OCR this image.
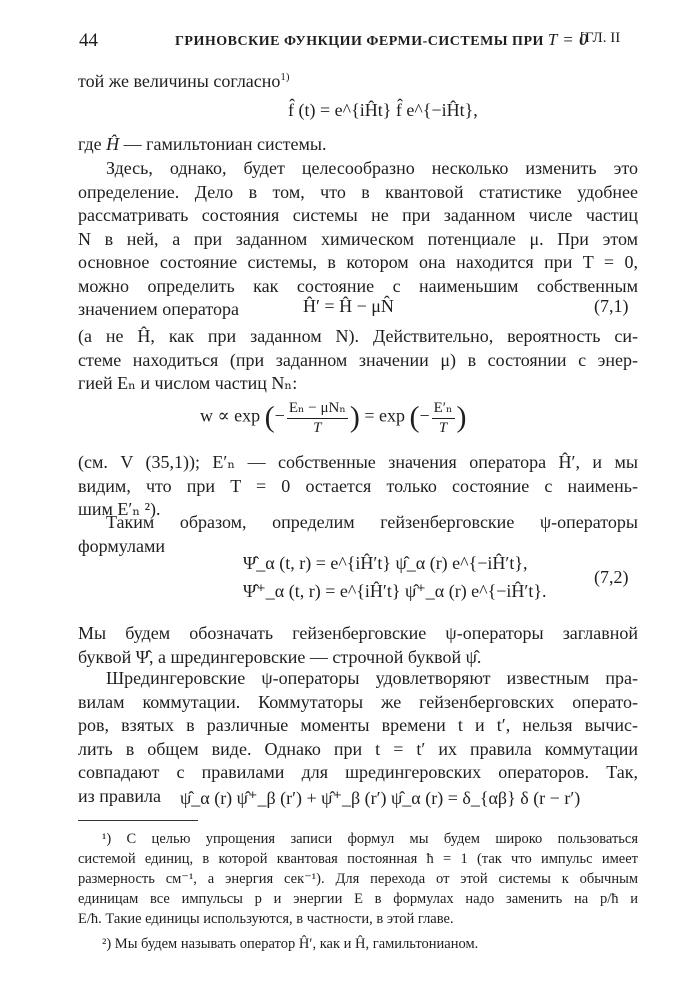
44	ГРИНОВСКИЕ ФУНКЦИИ ФЕРМИ-СИСТЕМЫ ПРИ T = 0
[ГЛ. II
той же величины согласно$^{1)}$
f̂ (t) = e^{iĤt} f̂ e^{−iĤt},
где Ĥ — гамильтониан системы.
Здесь, однако, будет целесообразно несколько изменить это
определение. Дело в том, что в квантовой статистике удобнее
рассматривать состояния системы не при заданном числе частиц
N в ней, а при заданном химическом потенциале μ. При этом
основное состояние системы, в котором она находится при T = 0,
можно определить как состояние с наименьшим собственным
значением оператора	Ĥ′ = Ĥ − μN̂	(7,1)
(а не Ĥ, как при заданном N). Действительно, вероятность си-
стеме находиться (при заданном значении μ) в состоянии с энер-
гией Eₙ и числом частиц Nₙ:
w ∝ exp (− $\frac{\text{Eₙ − μNₙ}}{T}$ ) = exp (− $\frac{\text{E′ₙ}}{T}$ )
(см. V (35,1)); E′ₙ — собственные значения оператора Ĥ′, и мы
видим, что при T = 0 остается только состояние с наимень-
шим E′ₙ ²).
Таким образом, определим гейзенберговские ψ-операторы
формулами
Ψ̂_α (t, r) = e^{iĤ′t} ψ̂_α (r) e^{−iĤ′t},
Ψ̂⁺_α (t, r) = e^{iĤ′t} ψ̂⁺_α (r) e^{−iĤ′t}.
(7,2)
Мы будем обозначать гейзенберговские ψ-операторы заглавной
буквой Ψ̂, а шредингеровские — строчной буквой ψ̂.
Шредингеровские ψ-операторы удовлетворяют известным пра-
вилам коммутации. Коммутаторы же гейзенберговских операто-
ров, взятых в различные моменты времени t и t′, нельзя вычис-
лить в общем виде. Однако при t = t′ их правила коммутации
совпадают с правилами для шредингеровских операторов. Так,
из правила	ψ̂_α (r) ψ̂⁺_β (r′) + ψ̂⁺_β (r′) ψ̂_α (r) = δ_{αβ} δ (r − r′)
¹) С целью упрощения записи формул мы будем широко пользоваться
системой единиц, в которой квантовая постоянная ħ = 1 (так что импульс имеет
размерность см⁻¹, а энергия сек⁻¹). Для перехода от этой системы к обычным
единицам все импульсы p и энергии E в формулах надо заменить на p/ħ и
E/ħ. Такие единицы используются, в частности, в этой главе.
²) Мы будем называть оператор Ĥ′, как и Ĥ, гамильтонианом.
